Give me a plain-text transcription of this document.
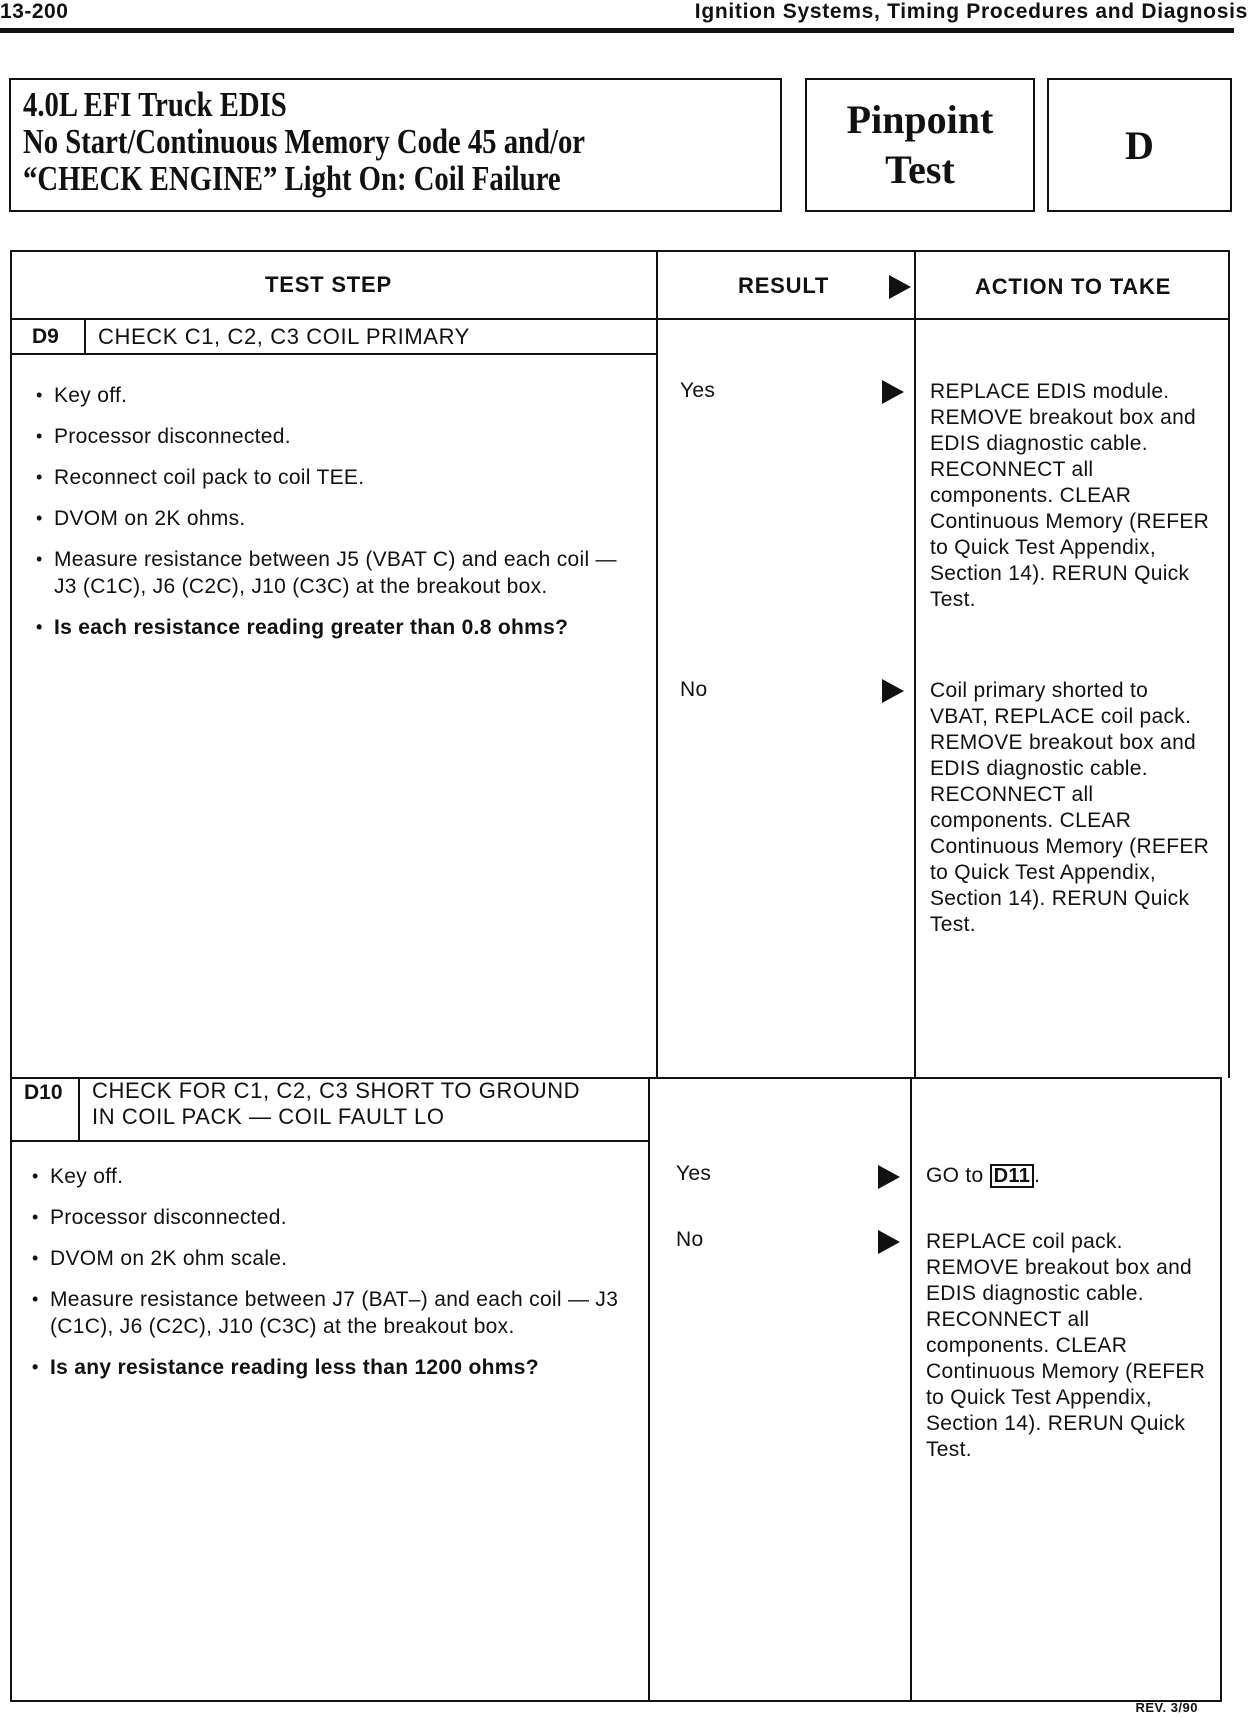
13-200	Ignition Systems, Timing Procedures and Diagnosis
4.0L EFI Truck EDIS
No Start/Continuous Memory Code 45 and/or
“CHECK ENGINE” Light On: Coil Failure
Pinpoint
Test
D
TEST STEP	RESULT	ACTION TO TAKE
D9 CHECK C1, C2, C3 COIL PRIMARY
• Key off.
• Processor disconnected.
• Reconnect coil pack to coil TEE.
• DVOM on 2K ohms.
• Measure resistance between J5 (VBAT C) and each coil — J3 (C1C), J6 (C2C), J10 (C3C) at the breakout box.
• Is each resistance reading greater than 0.8 ohms?
Yes	REPLACE EDIS module. REMOVE breakout box and EDIS diagnostic cable. RECONNECT all components. CLEAR Continuous Memory (REFER to Quick Test Appendix, Section 14). RERUN Quick Test.
No	Coil primary shorted to VBAT, REPLACE coil pack. REMOVE breakout box and EDIS diagnostic cable. RECONNECT all components. CLEAR Continuous Memory (REFER to Quick Test Appendix, Section 14). RERUN Quick Test.
D10 CHECK FOR C1, C2, C3 SHORT TO GROUND
IN COIL PACK — COIL FAULT LO
• Key off.
• Processor disconnected.
• DVOM on 2K ohm scale.
• Measure resistance between J7 (BAT–) and each coil — J3 (C1C), J6 (C2C), J10 (C3C) at the breakout box.
• Is any resistance reading less than 1200 ohms?
Yes	GO to D11 .
No	REPLACE coil pack. REMOVE breakout box and EDIS diagnostic cable. RECONNECT all components. CLEAR Continuous Memory (REFER to Quick Test Appendix, Section 14). RERUN Quick Test.
REV. 3/90
